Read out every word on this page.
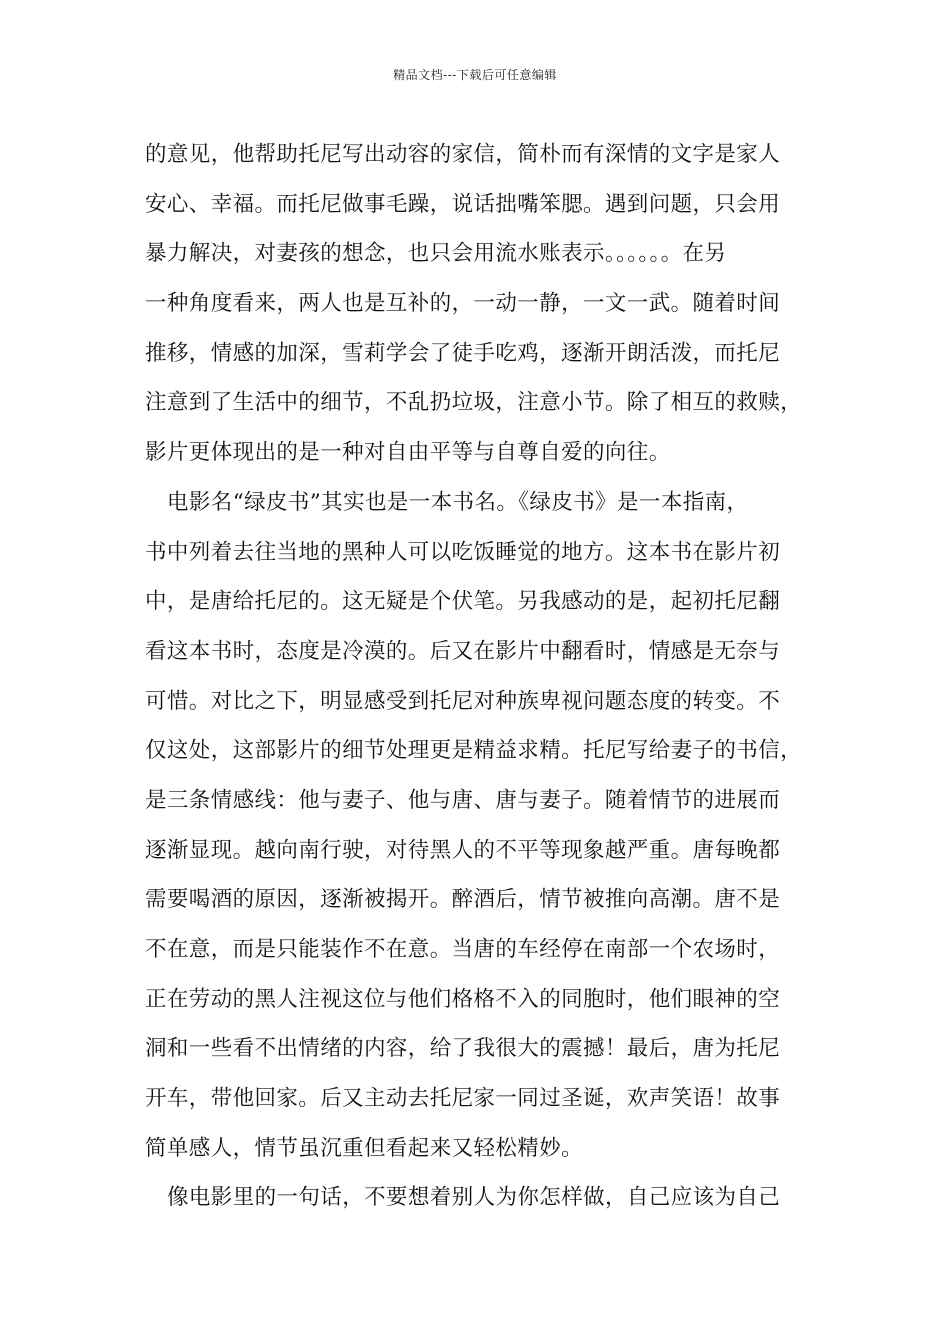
精品文档---下载后可任意编辑
的意见，他帮助托尼写出动容的家信，简朴而有深情的文字是家人
安心、幸福。而托尼做事毛躁，说话拙嘴笨腮。遇到问题，只会用
暴力解决，对妻孩的想念，也只会用流水账表示。。。。。。在另
一种角度看来，两人也是互补的，一动一静，一文一武。随着时间
推移，情感的加深，雪莉学会了徒手吃鸡，逐渐开朗活泼，而托尼
注意到了生活中的细节，不乱扔垃圾，注意小节。除了相互的救赎，
影片更体现出的是一种对自由平等与自尊自爱的向往。
电影名“绿皮书”其实也是一本书名。《绿皮书》是一本指南，
书中列着去往当地的黑种人可以吃饭睡觉的地方。这本书在影片初
中，是唐给托尼的。这无疑是个伏笔。另我感动的是，起初托尼翻
看这本书时，态度是冷漠的。后又在影片中翻看时，情感是无奈与
可惜。对比之下，明显感受到托尼对种族卑视问题态度的转变。不
仅这处，这部影片的细节处理更是精益求精。托尼写给妻子的书信，
是三条情感线：他与妻子、他与唐、唐与妻子。随着情节的进展而
逐渐显现。越向南行驶，对待黑人的不平等现象越严重。唐每晚都
需要喝酒的原因，逐渐被揭开。醉酒后，情节被推向高潮。唐不是
不在意，而是只能装作不在意。当唐的车经停在南部一个农场时，
正在劳动的黑人注视这位与他们格格不入的同胞时，他们眼神的空
洞和一些看不出情绪的内容，给了我很大的震撼！最后，唐为托尼
开车，带他回家。后又主动去托尼家一同过圣诞，欢声笑语！故事
简单感人，情节虽沉重但看起来又轻松精妙。
像电影里的一句话，不要想着别人为你怎样做，自己应该为自己
